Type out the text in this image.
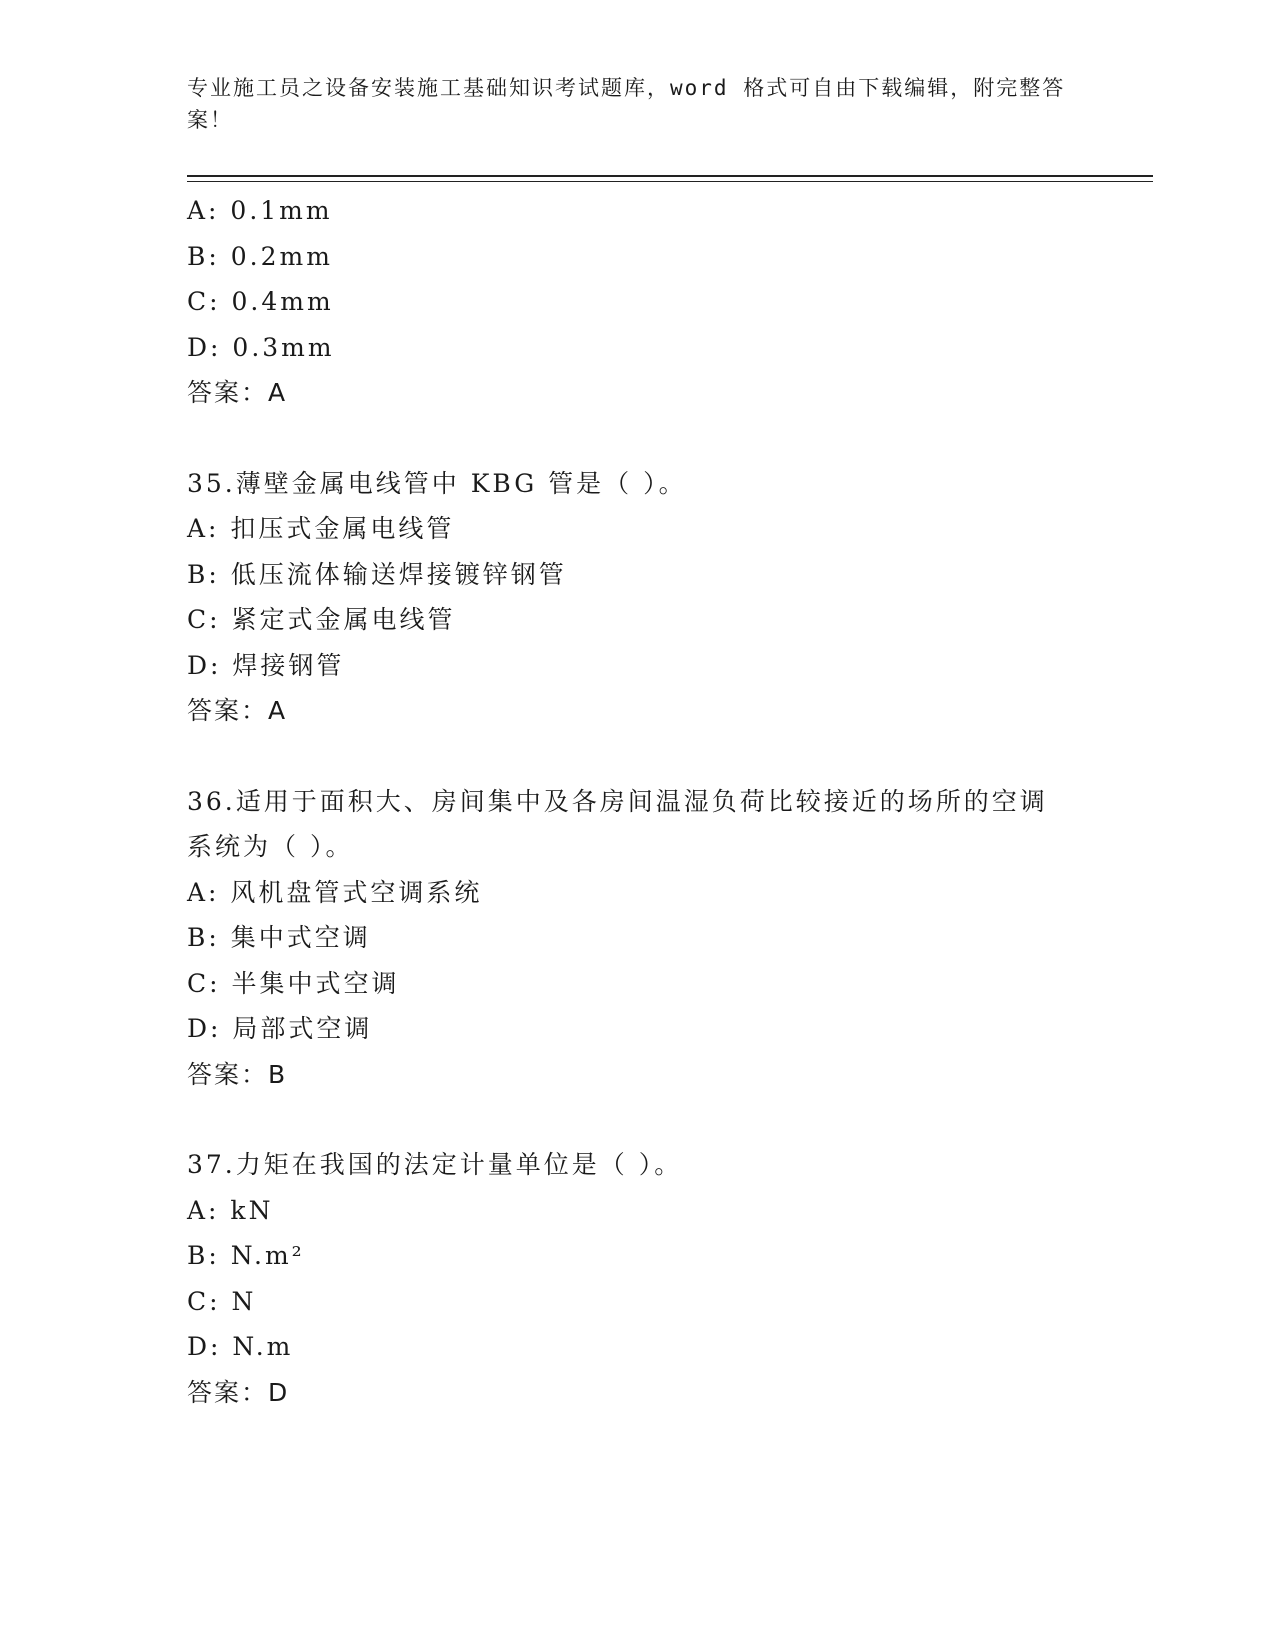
专业施工员之设备安装施工基础知识考试题库，word 格式可自由下载编辑，附完整答案！
A: 0.1mm
B: 0.2mm
C: 0.4mm
D: 0.3mm
答案：A
35.薄壁金属电线管中 KBG 管是（ ）。
A: 扣压式金属电线管
B: 低压流体输送焊接镀锌钢管
C: 紧定式金属电线管
D: 焊接钢管
答案：A
36.适用于面积大、房间集中及各房间温湿负荷比较接近的场所的空调系统为（ ）。
A: 风机盘管式空调系统
B: 集中式空调
C: 半集中式空调
D: 局部式空调
答案：B
37.力矩在我国的法定计量单位是（ ）。
A: kN
B: N.m²
C: N
D: N.m
答案：D
